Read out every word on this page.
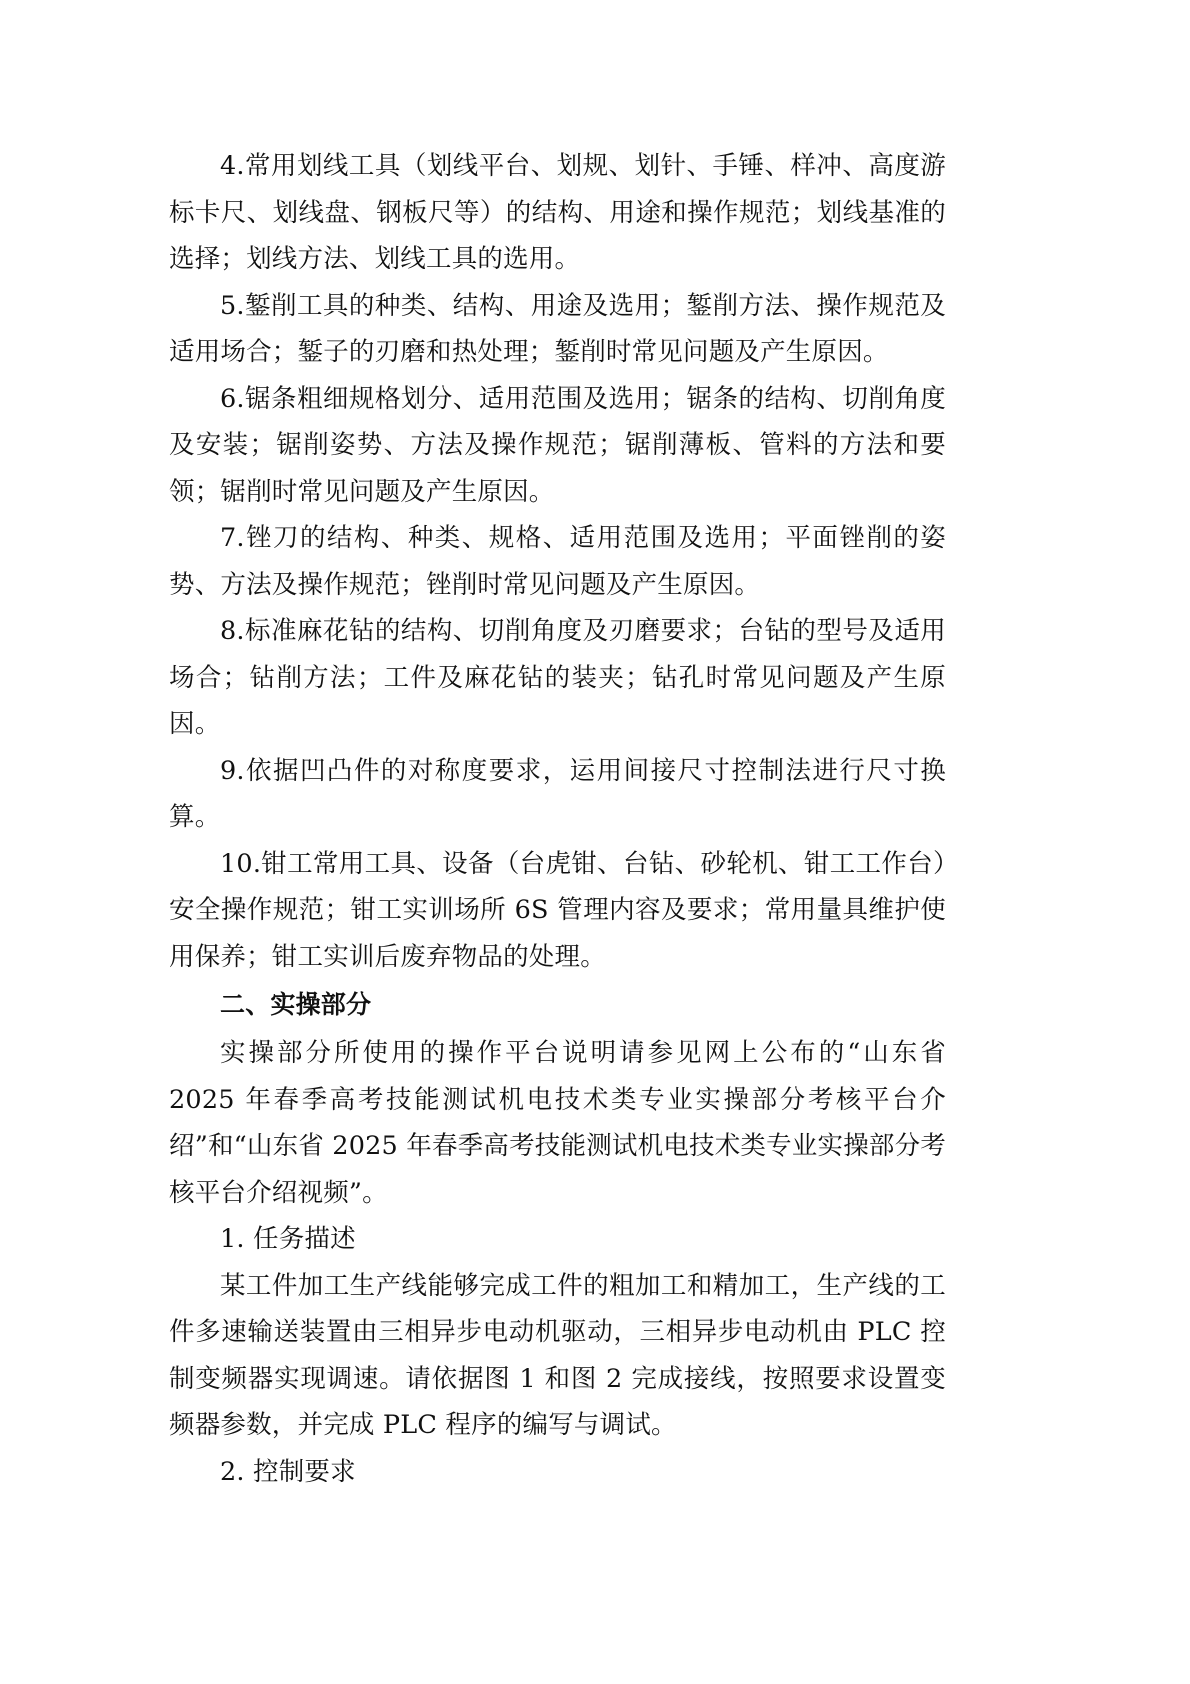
4.常用划线工具（划线平台、划规、划针、手锤、样冲、高度游标卡尺、划线盘、钢板尺等）的结构、用途和操作规范；划线基准的选择；划线方法、划线工具的选用。

5.錾削工具的种类、结构、用途及选用；錾削方法、操作规范及适用场合；錾子的刃磨和热处理；錾削时常见问题及产生原因。

6.锯条粗细规格划分、适用范围及选用；锯条的结构、切削角度及安装；锯削姿势、方法及操作规范；锯削薄板、管料的方法和要领；锯削时常见问题及产生原因。

7.锉刀的结构、种类、规格、适用范围及选用；平面锉削的姿势、方法及操作规范；锉削时常见问题及产生原因。

8.标准麻花钻的结构、切削角度及刃磨要求；台钻的型号及适用场合；钻削方法；工件及麻花钻的装夹；钻孔时常见问题及产生原因。

9.依据凹凸件的对称度要求，运用间接尺寸控制法进行尺寸换算。

10.钳工常用工具、设备（台虎钳、台钻、砂轮机、钳工工作台）安全操作规范；钳工实训场所 6S 管理内容及要求；常用量具维护使用保养；钳工实训后废弃物品的处理。

二、实操部分

实操部分所使用的操作平台说明请参见网上公布的“山东省 2025 年春季高考技能测试机电技术类专业实操部分考核平台介绍”和“山东省 2025 年春季高考技能测试机电技术类专业实操部分考核平台介绍视频”。

1. 任务描述

某工件加工生产线能够完成工件的粗加工和精加工，生产线的工件多速输送装置由三相异步电动机驱动，三相异步电动机由 PLC 控制变频器实现调速。请依据图 1 和图 2 完成接线，按照要求设置变频器参数，并完成 PLC 程序的编写与调试。

2. 控制要求
